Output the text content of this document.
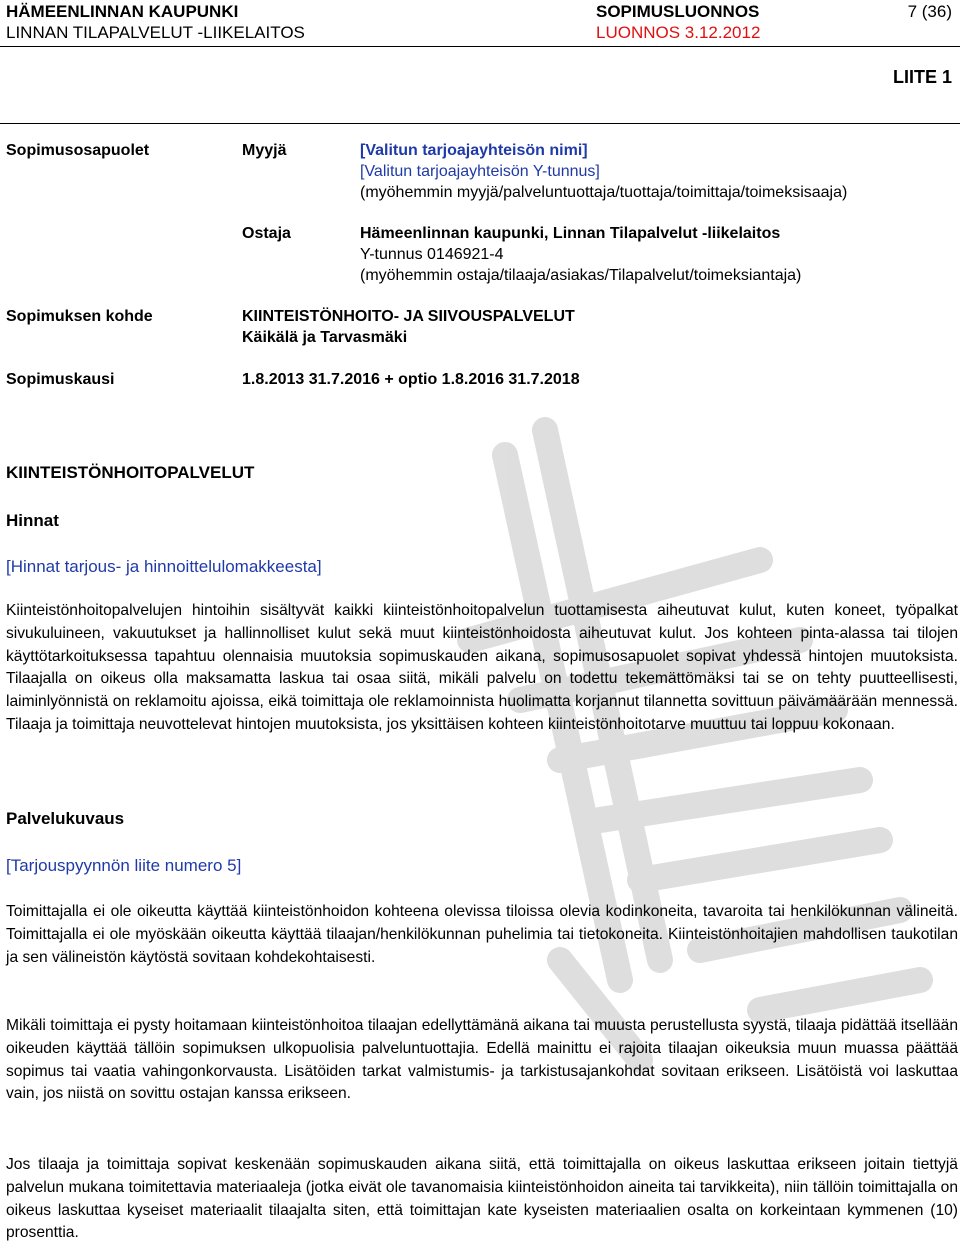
HÄMEENLINNAN KAUPUNKI
LINNAN TILAPALVELUT -LIIKELAITOS
SOPIMUSLUONNOS
LUONNOS 3.12.2012
7 (36)
LIITE 1
Sopimusosapuolet	Myyjä	[Valitun tarjoajayhteisön nimi]
[Valitun tarjoajayhteisön Y-tunnus]
(myöhemmin myyjä/palveluntuottaja/tuottaja/toimittaja/toimeksisaaja)
Ostaja	Hämeenlinnan kaupunki, Linnan Tilapalvelut -liikelaitos
Y-tunnus 0146921-4
(myöhemmin ostaja/tilaaja/asiakas/Tilapalvelut/toimeksiantaja)
Sopimuksen kohde	KIINTEISTÖNHOITO- JA SIIVOUSPALVELUT
Käikälä ja Tarvasmäki
Sopimuskausi	1.8.2013 31.7.2016 + optio 1.8.2016 31.7.2018
KIINTEISTÖNHOITOPALVELUT
Hinnat
[Hinnat tarjous- ja hinnoittelulomakkeesta]
Kiinteistönhoitopalvelujen hintoihin sisältyvät kaikki kiinteistönhoitopalvelun tuottamisesta aiheutuvat kulut, kuten koneet, työpalkat sivukuluineen, vakuutukset ja hallinnolliset kulut sekä muut kiinteistönhoidosta aiheutuvat kulut. Jos kohteen pinta-alassa tai tilojen käyttötarkoituksessa tapahtuu olennaisia muutoksia sopimuskauden aikana, sopimusosapuolet sopivat yhdessä hintojen muutoksista. Tilaajalla on oikeus olla maksamatta laskua tai osaa siitä, mikäli palvelu on todettu tekemättömäksi tai se on tehty puutteellisesti, laiminlyönnistä on reklamoitu ajoissa, eikä toimittaja ole reklamoinnista huolimatta korjannut tilannetta sovittuun päivämäärään mennessä. Tilaaja ja toimittaja neuvottelevat hintojen muutoksista, jos yksittäisen kohteen kiinteistönhoitotarve muuttuu tai loppuu kokonaan.
Palvelukuvaus
[Tarjouspyynnön liite numero 5]
Toimittajalla ei ole oikeutta käyttää kiinteistönhoidon kohteena olevissa tiloissa olevia kodinkoneita, tavaroita tai henkilökunnan välineitä. Toimittajalla ei ole myöskään oikeutta käyttää tilaajan/henkilökunnan puhelimia tai tietokoneita. Kiinteistönhoitajien mahdollisen taukotilan ja sen välineistön käytöstä sovitaan kohdekohtaisesti.
Mikäli toimittaja ei pysty hoitamaan kiinteistönhoitoa tilaajan edellyttämänä aikana tai muusta perustellusta syystä, tilaaja pidättää itsellään oikeuden käyttää tällöin sopimuksen ulkopuolisia palveluntuottajia. Edellä mainittu ei rajoita tilaajan oikeuksia muun muassa päättää sopimus tai vaatia vahingonkorvausta. Lisätöiden tarkat valmistumis- ja tarkistusajankohdat sovitaan erikseen. Lisätöistä voi laskuttaa vain, jos niistä on sovittu ostajan kanssa erikseen.
Jos tilaaja ja toimittaja sopivat keskenään sopimuskauden aikana siitä, että toimittajalla on oikeus laskuttaa erikseen joitain tiettyjä palvelun mukana toimitettavia materiaaleja (jotka eivät ole tavanomaisia kiinteistönhoidon aineita tai tarvikkeita), niin tällöin toimittajalla on oikeus laskuttaa kyseiset materiaalit tilaajalta siten, että toimittajan kate kyseisten materiaalien osalta on korkeintaan kymmenen (10) prosenttia.
